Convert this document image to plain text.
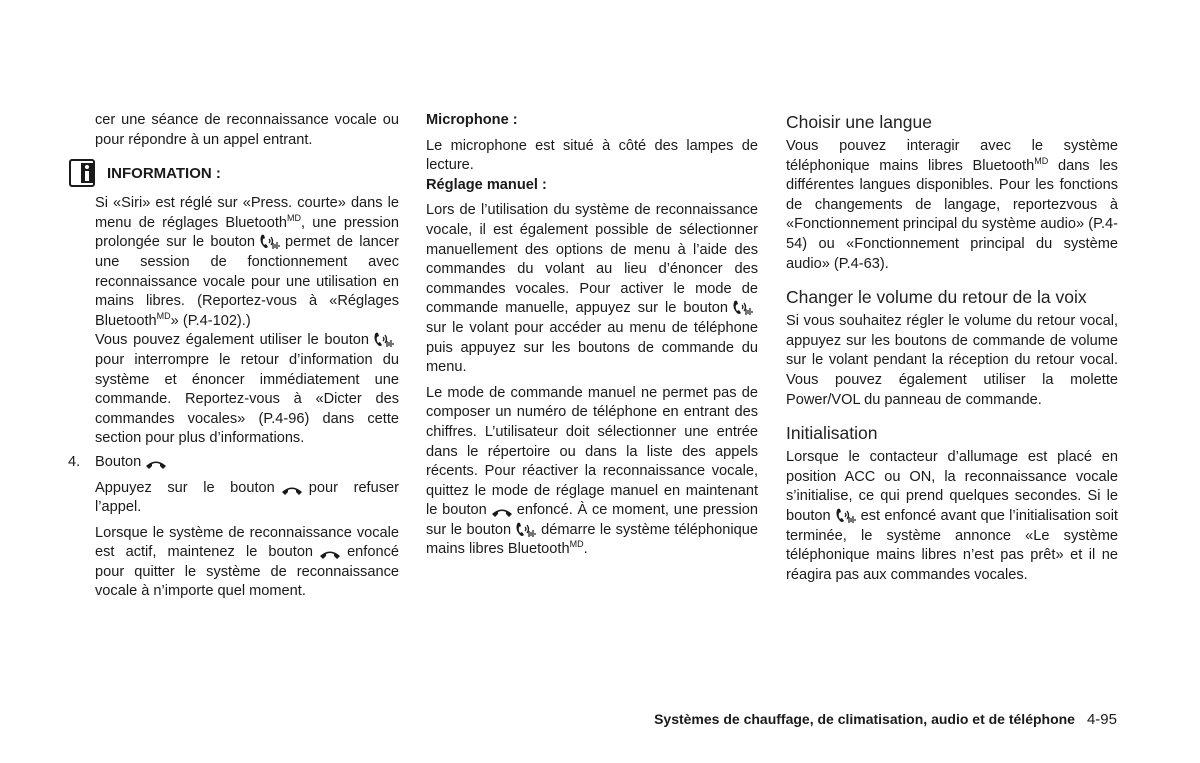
cer une séance de reconnaissance vocale ou pour répondre à un appel entrant.

INFORMATION :

Si «Siri» est réglé sur «Press. courte» dans le menu de réglages Bluetooth$^{MD}$, une pression prolongée sur le bouton permet de lancer une session de fonctionnement avec reconnaissance vocale pour une utilisation en mains libres. (Reportez-vous à «Réglages Bluetooth$^{MD}$» (P.4-102).)

Vous pouvez également utiliser le boutonpour interrompre le retour d’information du système et énoncer immédiatement une commande. Reportez-vous à «Dicter des commandes vocales» (P.4-96) dans cette section pour plus d’informations.

4. Bouton

Appuyez sur le bouton pour refuser l’appel.

Lorsque le système de reconnaissance vocale est actif, maintenez le bouton enfoncé pour quitter le système de reconnaissance vocale à n’importe quel moment.

Microphone :

Le microphone est situé à côté des lampes de lecture.

Réglage manuel :

Lors de l’utilisation du système de reconnaissance vocale, il est également possible de sélectionner manuellement des options de menu à l’aide des commandes du volant au lieu d’énoncer des commandes vocales. Pour activer le mode de commande manuelle, appuyez sur le boutonsur le volant pour accéder au menu de téléphone puis appuyez sur les boutons de commande du menu.

Le mode de commande manuel ne permet pas de composer un numéro de téléphone en entrant des chiffres. L’utilisateur doit sélectionner une entrée dans le répertoire ou dans la liste des appels récents. Pour réactiver la reconnaissance vocale, quittez le mode de réglage manuel en maintenant le bouton enfoncé. À ce moment, une pression sur le bouton démarre le système téléphonique mains libres Bluetooth$^{MD}$.

Choisir une langue

Vous pouvez interagir avec le système téléphonique mains libres Bluetooth$^{MD}$ dans les différentes langues disponibles. Pour les fonctions de changements de langage, reportezvous à «Fonctionnement principal du système audio» (P.4-54) ou «Fonctionnement principal du système audio» (P.4-63).

Changer le volume du retour de la voix

Si vous souhaitez régler le volume du retour vocal, appuyez sur les boutons de commande de volume sur le volant pendant la réception du retour vocal. Vous pouvez également utiliser la molette Power/VOL du panneau de commande.

Initialisation

Lorsque le contacteur d’allumage est placé en position ACC ou ON, la reconnaissance vocale s’initialise, ce qui prend quelques secondes. Si le bouton est enfoncé avant que l’initialisation soit terminée, le système annonce «Le système téléphonique mains libres n’est pas prêt» et il ne réagira pas aux commandes vocales.

Systèmes de chauffage, de climatisation, audio et de téléphone 4-95
